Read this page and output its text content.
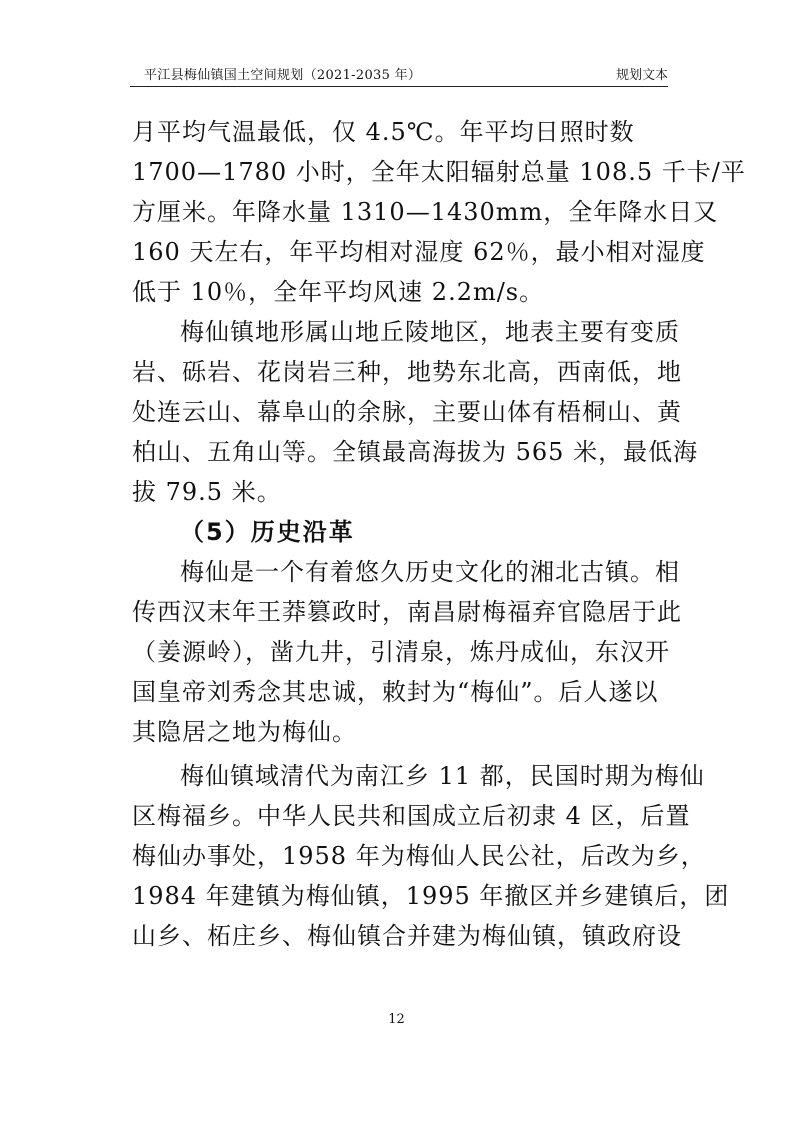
平江县梅仙镇国土空间规划（2021-2035 年）	规划文本
月平均气温最低，仅 4.5℃。年平均日照时数
1700—1780 小时，全年太阳辐射总量 108.5 千卡/平
方厘米。年降水量 1310—1430mm，全年降水日又
160 天左右，年平均相对湿度 62％，最小相对湿度
低于 10％，全年平均风速 2.2m/s。
梅仙镇地形属山地丘陵地区，地表主要有变质
岩、砾岩、花岗岩三种，地势东北高，西南低，地
处连云山、幕阜山的余脉，主要山体有梧桐山、黄
柏山、五角山等。全镇最高海拔为 565 米，最低海
拔 79.5 米。
（5）历史沿革
梅仙是一个有着悠久历史文化的湘北古镇。相
传西汉末年王莽篡政时，南昌尉梅福弃官隐居于此
（姜源岭），凿九井，引清泉，炼丹成仙，东汉开
国皇帝刘秀念其忠诚，敕封为“梅仙”。后人遂以
其隐居之地为梅仙。
梅仙镇域清代为南江乡 11 都，民国时期为梅仙
区梅福乡。中华人民共和国成立后初隶 4 区，后置
梅仙办事处，1958 年为梅仙人民公社，后改为乡，
1984 年建镇为梅仙镇，1995 年撤区并乡建镇后，团
山乡、柘庄乡、梅仙镇合并建为梅仙镇，镇政府设
12
